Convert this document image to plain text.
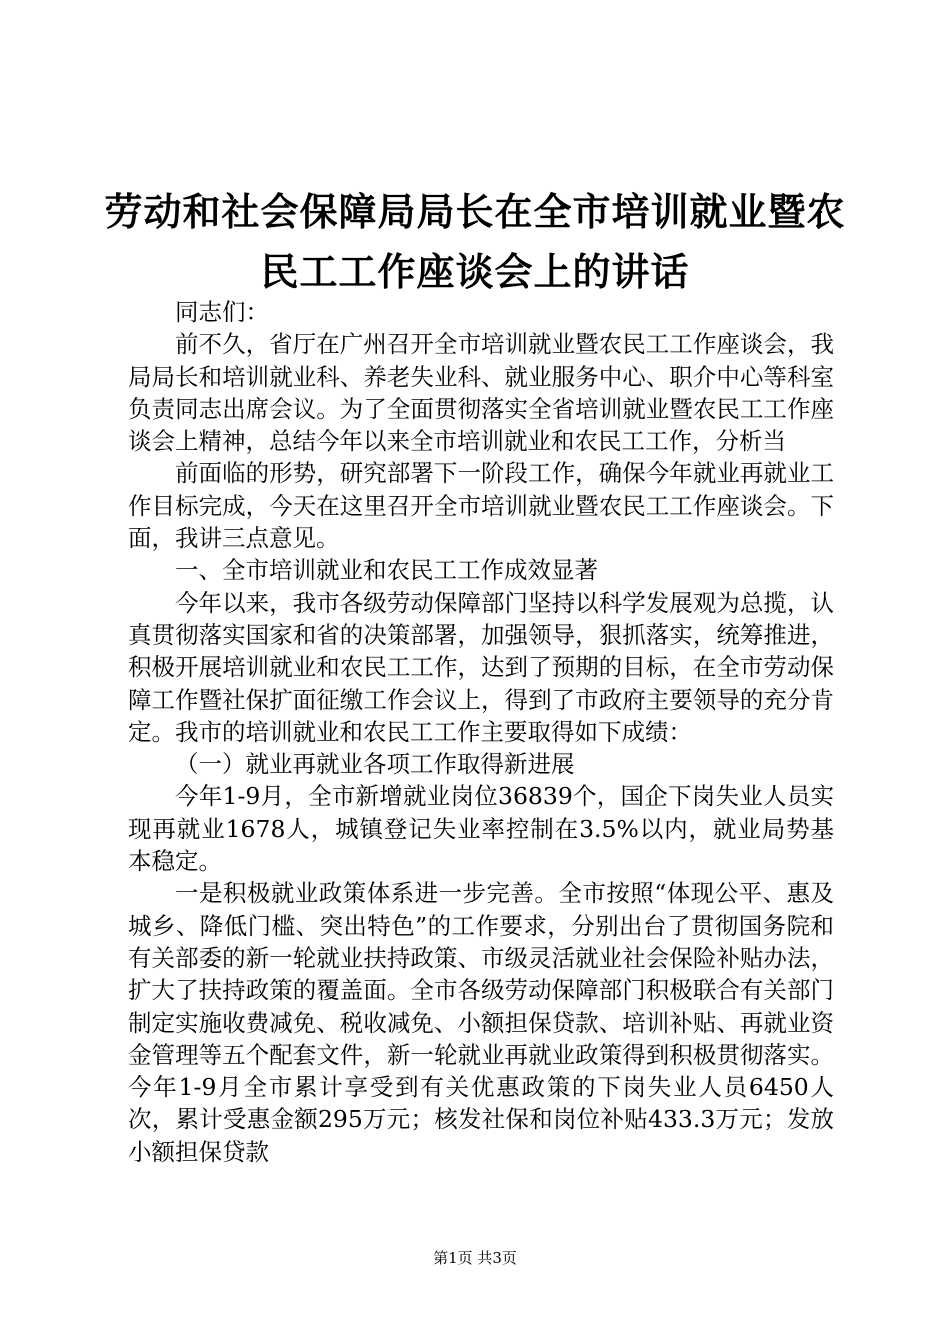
劳动和社会保障局局长在全市培训就业暨农民工工作座谈会上的讲话

同志们：

前不久，省厅在广州召开全市培训就业暨农民工工作座谈会，我局局长和培训就业科、养老失业科、就业服务中心、职介中心等科室负责同志出席会议。为了全面贯彻落实全省培训就业暨农民工工作座谈会上精神，总结今年以来全市培训就业和农民工工作，分析当

前面临的形势，研究部署下一阶段工作，确保今年就业再就业工作目标完成，今天在这里召开全市培训就业暨农民工工作座谈会。下面，我讲三点意见。

一、全市培训就业和农民工工作成效显著

今年以来，我市各级劳动保障部门坚持以科学发展观为总揽，认真贯彻落实国家和省的决策部署，加强领导，狠抓落实，统筹推进，积极开展培训就业和农民工工作，达到了预期的目标，在全市劳动保障工作暨社保扩面征缴工作会议上，得到了市政府主要领导的充分肯定。我市的培训就业和农民工工作主要取得如下成绩：

（一）就业再就业各项工作取得新进展

今年1-9月，全市新增就业岗位36839个，国企下岗失业人员实现再就业1678人，城镇登记失业率控制在3.5%以内，就业局势基本稳定。

一是积极就业政策体系进一步完善。全市按照“体现公平、惠及城乡、降低门槛、突出特色”的工作要求，分别出台了贯彻国务院和有关部委的新一轮就业扶持政策、市级灵活就业社会保险补贴办法，扩大了扶持政策的覆盖面。全市各级劳动保障部门积极联合有关部门制定实施收费减免、税收减免、小额担保贷款、培训补贴、再就业资金管理等五个配套文件，新一轮就业再就业政策得到积极贯彻落实。今年1-9月全市累计享受到有关优惠政策的下岗失业人员6450人次，累计受惠金额295万元；核发社保和岗位补贴433.3万元；发放小额担保贷款

第1页 共3页
